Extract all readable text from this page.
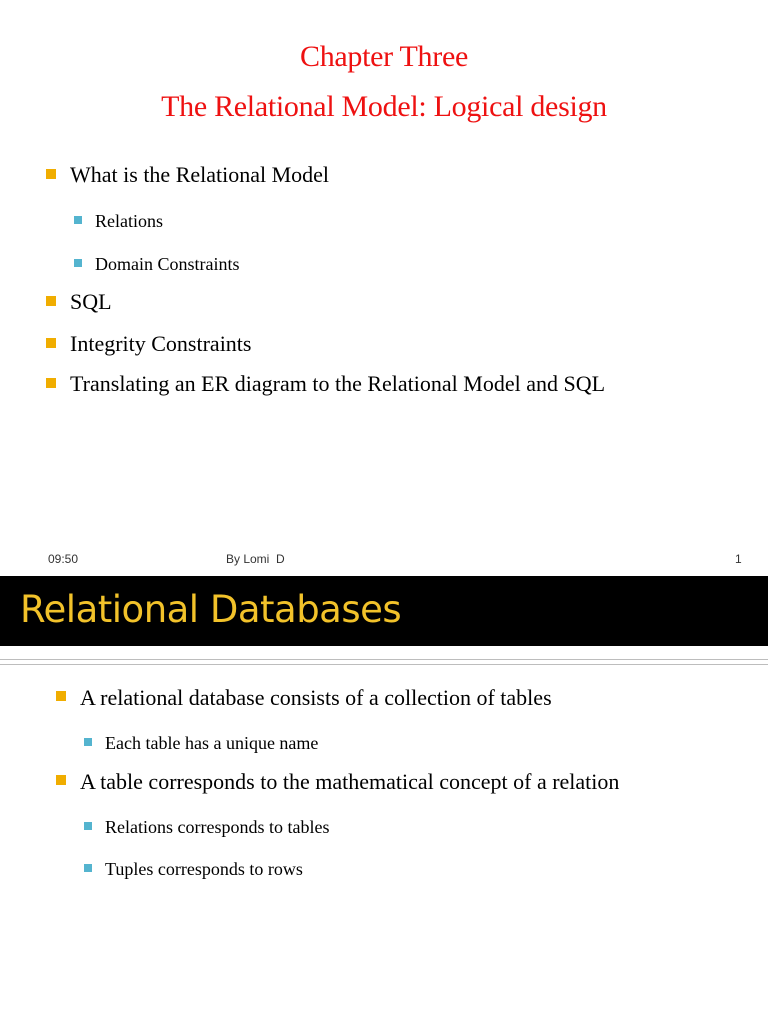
Chapter Three
The Relational Model: Logical design
What is the Relational Model
Relations
Domain Constraints
SQL
Integrity Constraints
Translating an ER diagram to the Relational Model and SQL
09:50	By Lomi  D	1
Relational Databases
A relational database consists of a collection of tables
Each table has a unique name
A table corresponds to the mathematical concept of a relation
Relations corresponds to tables
Tuples corresponds to rows
